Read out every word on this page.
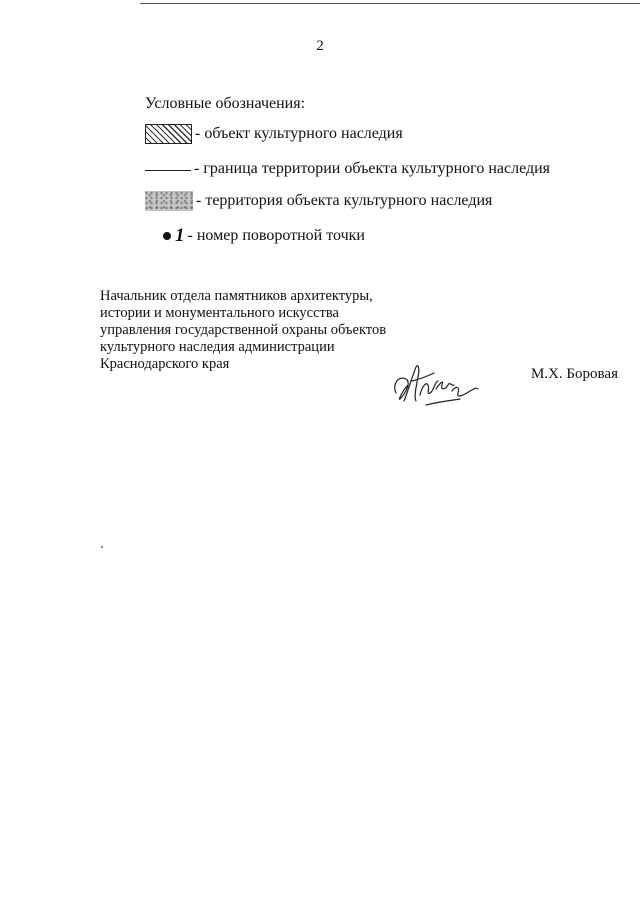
2
Условные обозначения:
- объект культурного наследия
- граница территории объекта культурного наследия
- территория объекта культурного наследия
1 - номер поворотной точки
Начальник отдела памятников архитектуры,
истории и монументального искусства
управления государственной охраны объектов
культурного наследия администрации
Краснодарского края
М.Х. Боровая
